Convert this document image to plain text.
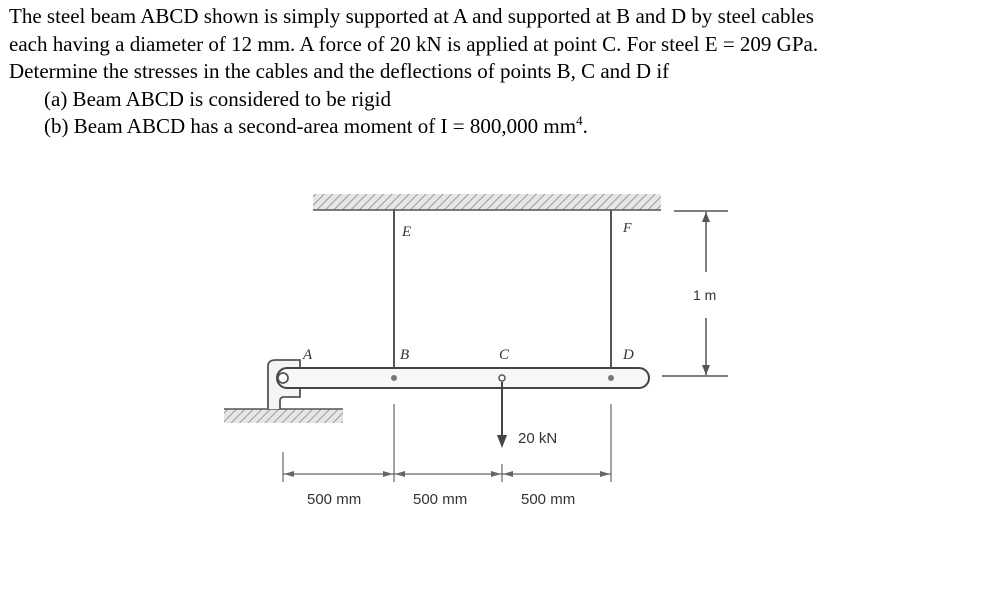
The steel beam ABCD shown is simply supported at A and supported at B and D by steel cables

each having a diameter of 12 mm. A force of 20 kN is applied at point C. For steel E = 209 GPa.

Determine the stresses in the cables and the deflections of points B, C and D if

(a) Beam ABCD is considered to be rigid

(b) Beam ABCD has a second-area moment of I = 800,000 $mm^4$.

1 m
E	F
A	B	C	D
20 kN
500 mm	500 mm	500 mm
